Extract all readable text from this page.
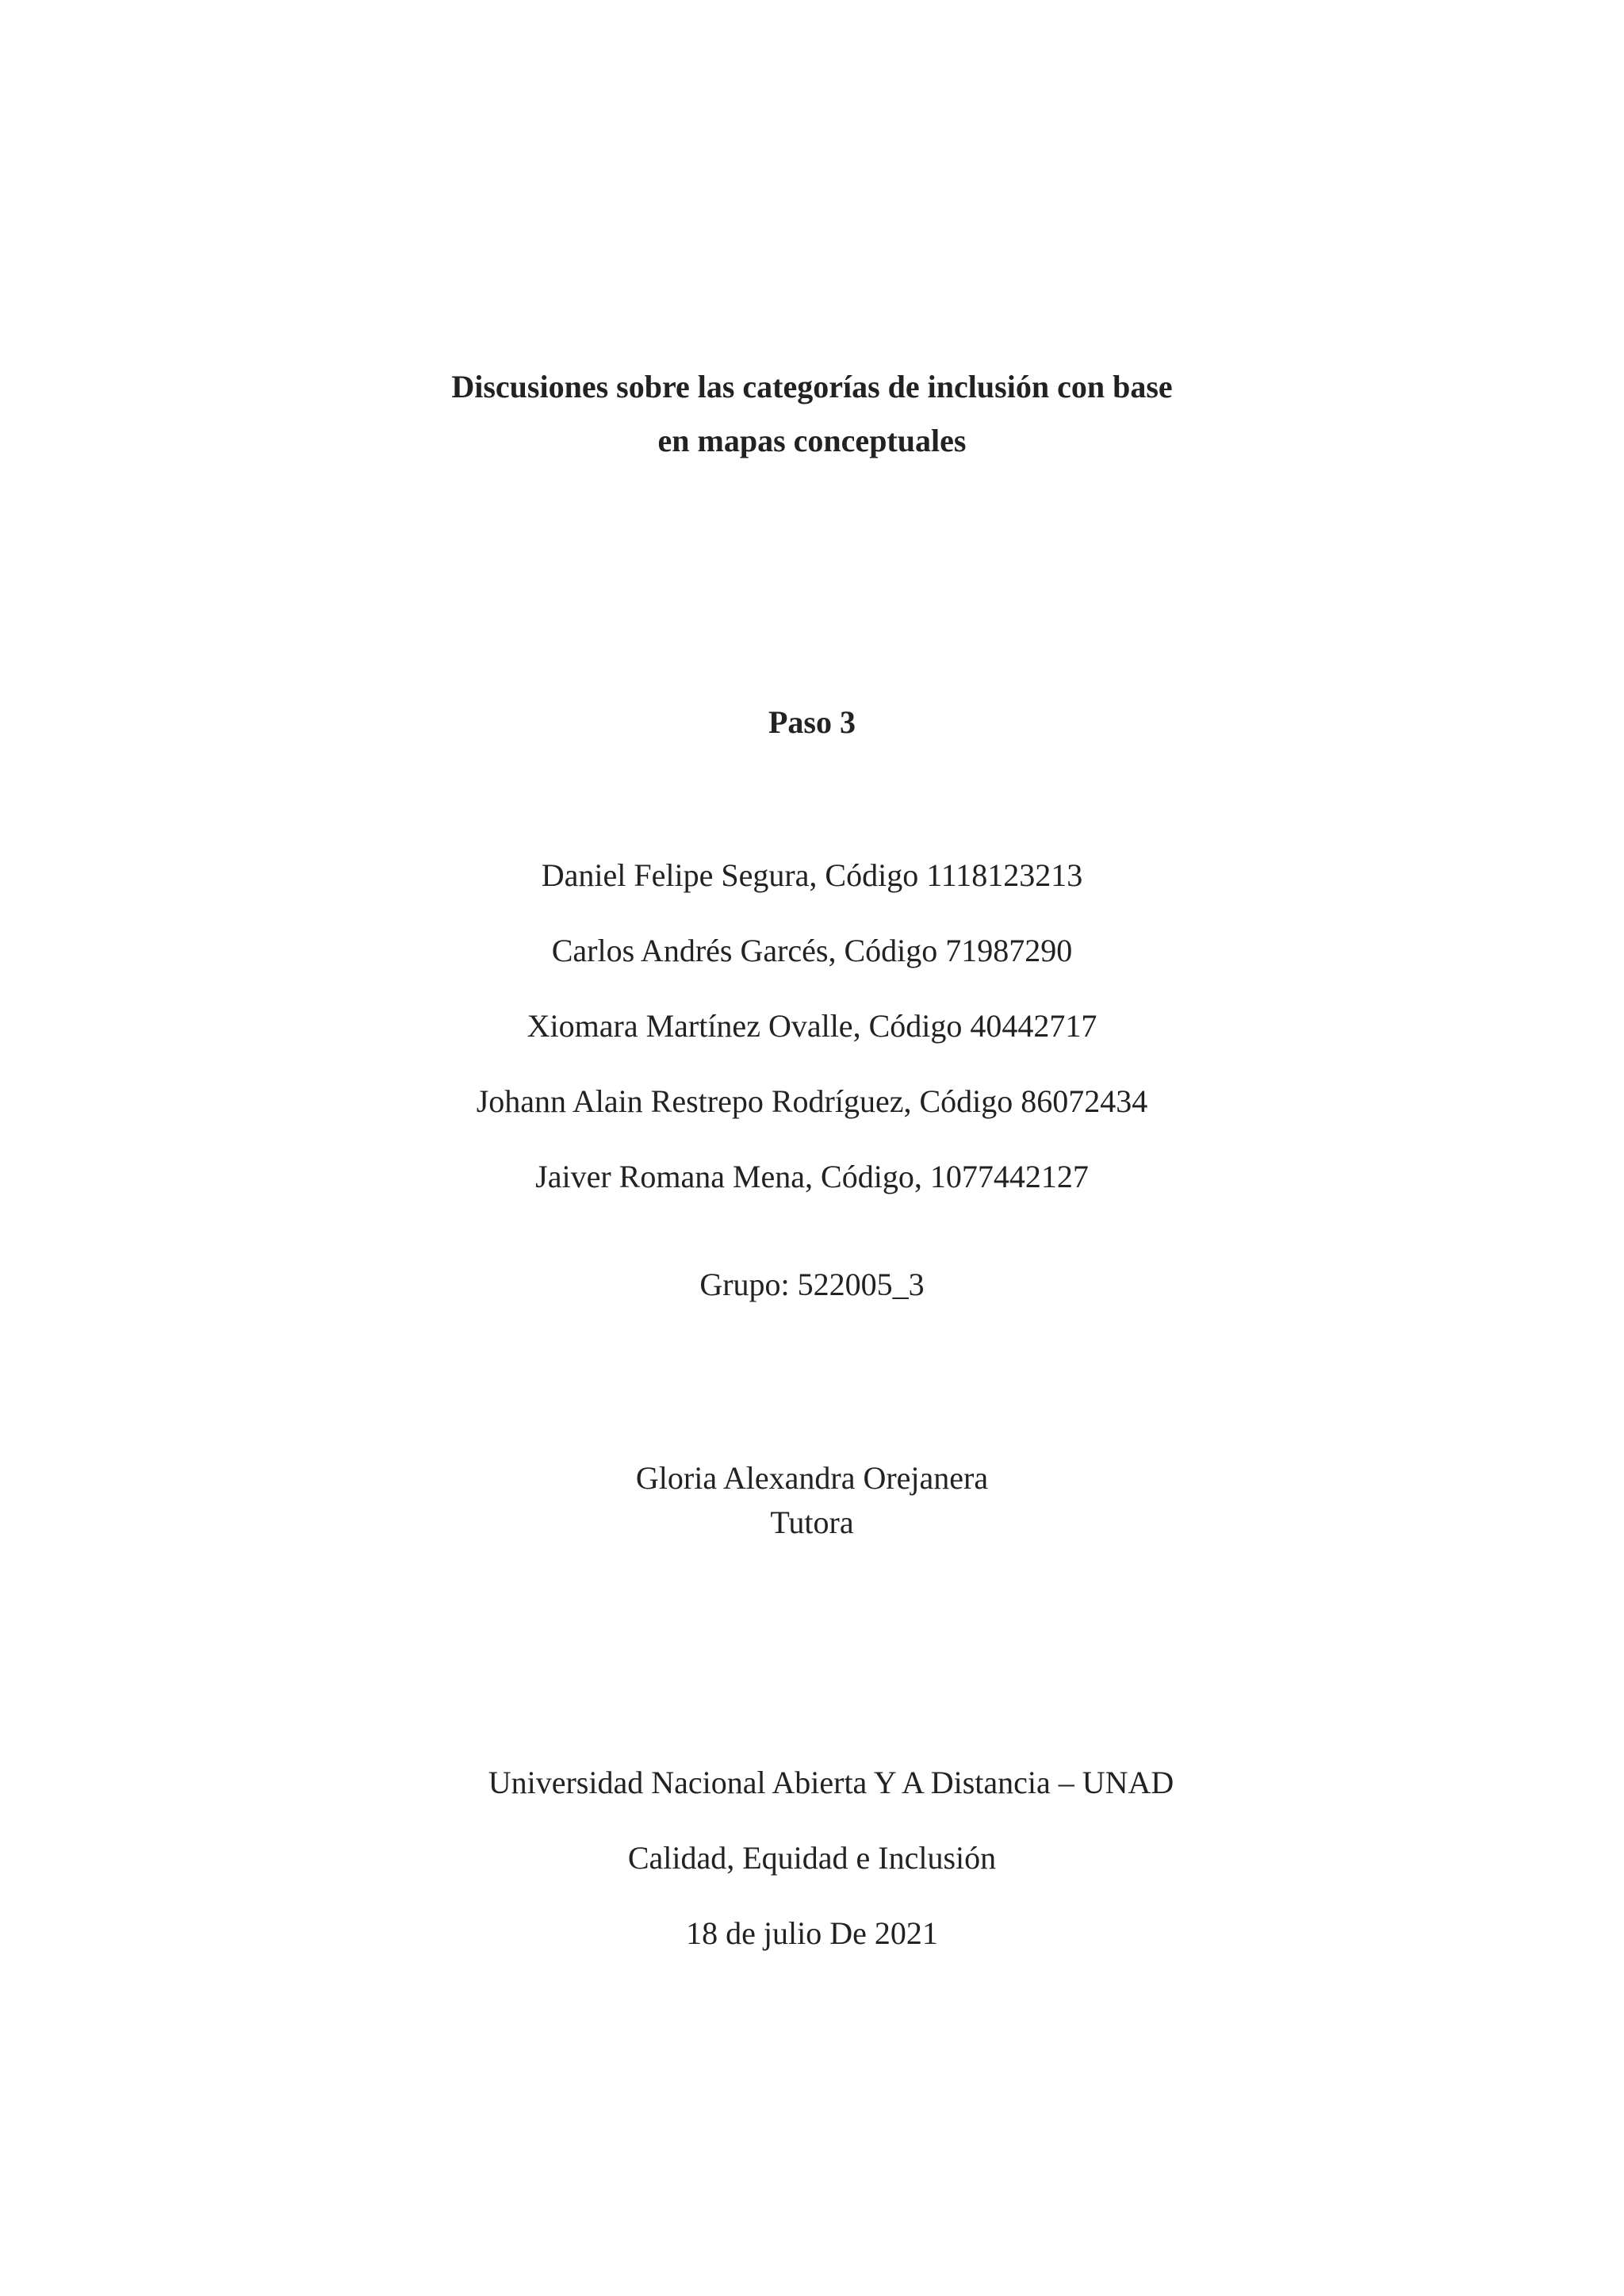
Discusiones sobre las categorías de inclusión con base
en mapas conceptuales
Paso 3
Daniel Felipe Segura, Código 1118123213
Carlos Andrés Garcés, Código 71987290
Xiomara Martínez Ovalle, Código 40442717
Johann Alain Restrepo Rodríguez, Código 86072434
Jaiver Romana Mena, Código, 1077442127
Grupo: 522005_3
Gloria Alexandra Orejanera
Tutora
Universidad Nacional Abierta Y A Distancia – UNAD
Calidad, Equidad e Inclusión
18 de julio De 2021
